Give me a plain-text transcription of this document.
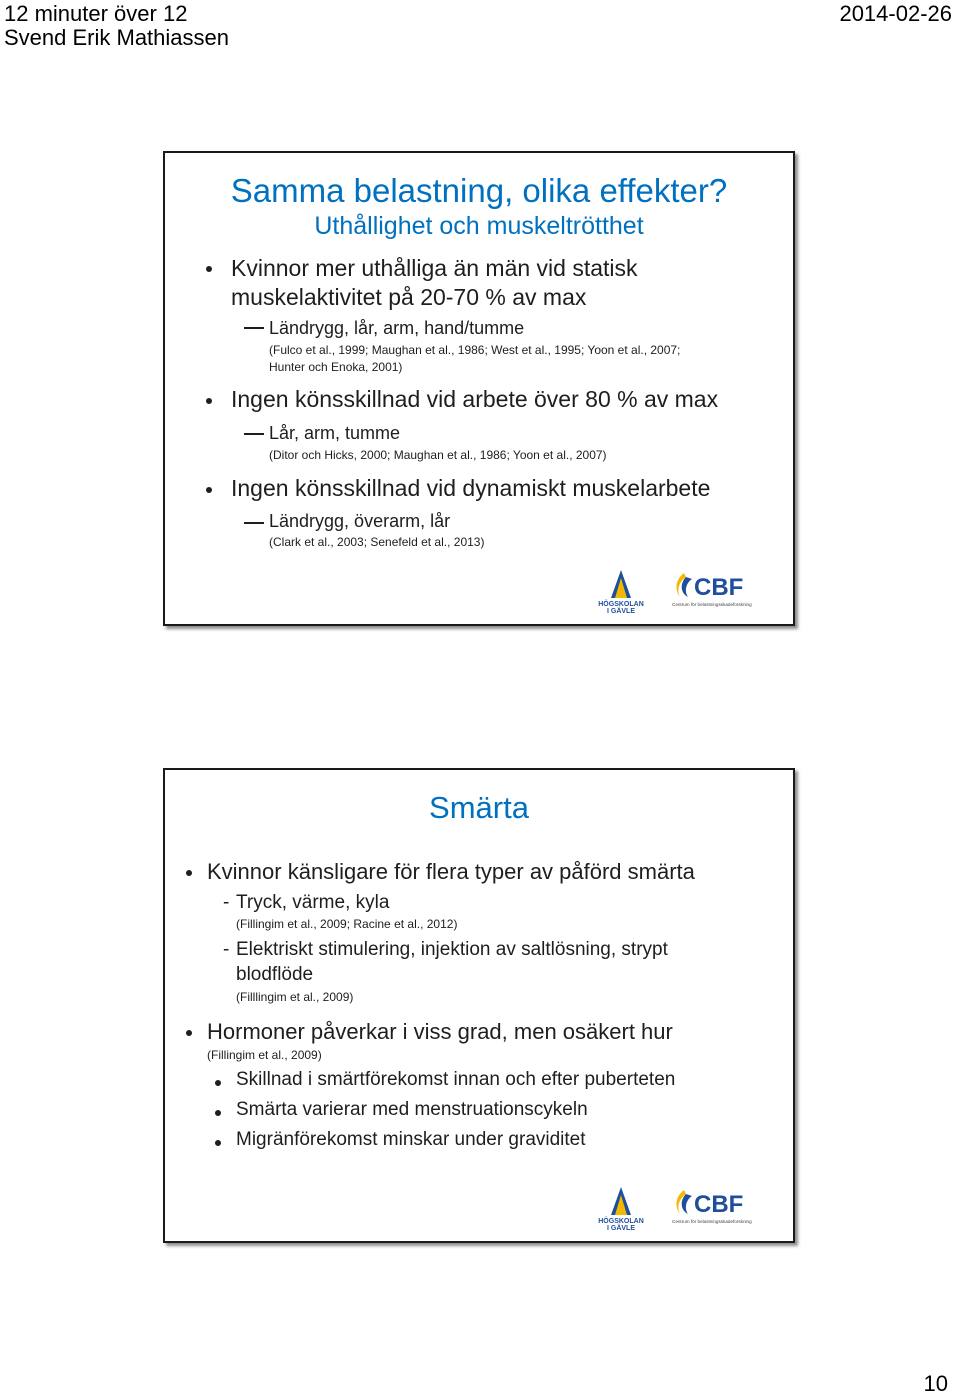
12 minuter över 12
Svend Erik Mathiassen
2014-02-26
Samma belastning, olika effekter?
Uthållighet och muskeltrötthet
Kvinnor mer uthålliga än män vid statisk
muskelaktivitet på 20-70 % av max
Ländrygg, lår, arm, hand/tumme
(Fulco et al., 1999; Maughan et al., 1986; West et al., 1995; Yoon et al., 2007;
Hunter och Enoka, 2001)
Ingen könsskillnad vid arbete över 80 % av max
Lår, arm, tumme
(Ditor och Hicks, 2000; Maughan et al., 1986; Yoon et al., 2007)
Ingen könsskillnad vid dynamiskt muskelarbete
Ländrygg, överarm, lår
(Clark et al., 2003; Senefeld et al., 2013)
HÖGSKOLAN
I GÄVLE
CBF
Centrum för belastningsskadeforskning
Smärta
Kvinnor känsligare för flera typer av påförd smärta
- Tryck, värme, kyla
(Fillingim et al., 2009; Racine et al., 2012)
- Elektriskt stimulering, injektion av saltlösning, strypt
blodflöde
(Filllingim et al., 2009)
Hormoner påverkar i viss grad, men osäkert hur
(Fillingim et al., 2009)
Skillnad i smärtförekomst innan och efter puberteten
Smärta varierar med menstruationscykeln
Migränförekomst minskar under graviditet
HÖGSKOLAN
I GÄVLE
CBF
Centrum för belastningsskadeforskning
10
